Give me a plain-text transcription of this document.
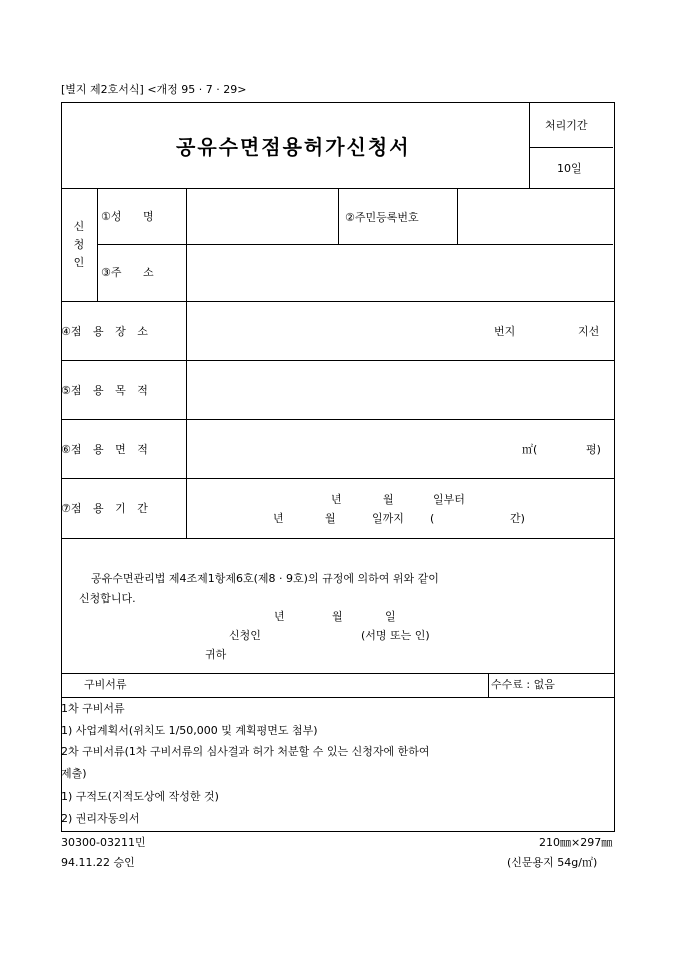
[별지 제2호서식] <개정 95 · 7 · 29>
공유수면점용허가신청서
처리기간
10일
신 청 인
①성 명	②주민등록번호
③주 소
④점 용 장 소	번지	지선
⑤점 용 목 적
⑥점 용 면 적	㎡(	평)
⑦점 용 기 간
년	월	일부터
년	월	일까지 (	간)
공유수면관리법 제4조제1항제6호(제8 · 9호)의 규정에 의하여 위와 같이
신청합니다.
년	월	일
신청인	(서명 또는 인)
귀하
구비서류	수수료 : 없음
1차 구비서류
1) 사업계획서(위치도 1/50,000 및 계획평면도 첨부)
2차 구비서류(1차 구비서류의 심사결과 허가 처분할 수 있는 신청자에 한하여
제출)
1) 구적도(지적도상에 작성한 것)
2) 권리자동의서
30300-03211민	210㎜×297㎜
94.11.22 승인	(신문용지 54g/㎡)
